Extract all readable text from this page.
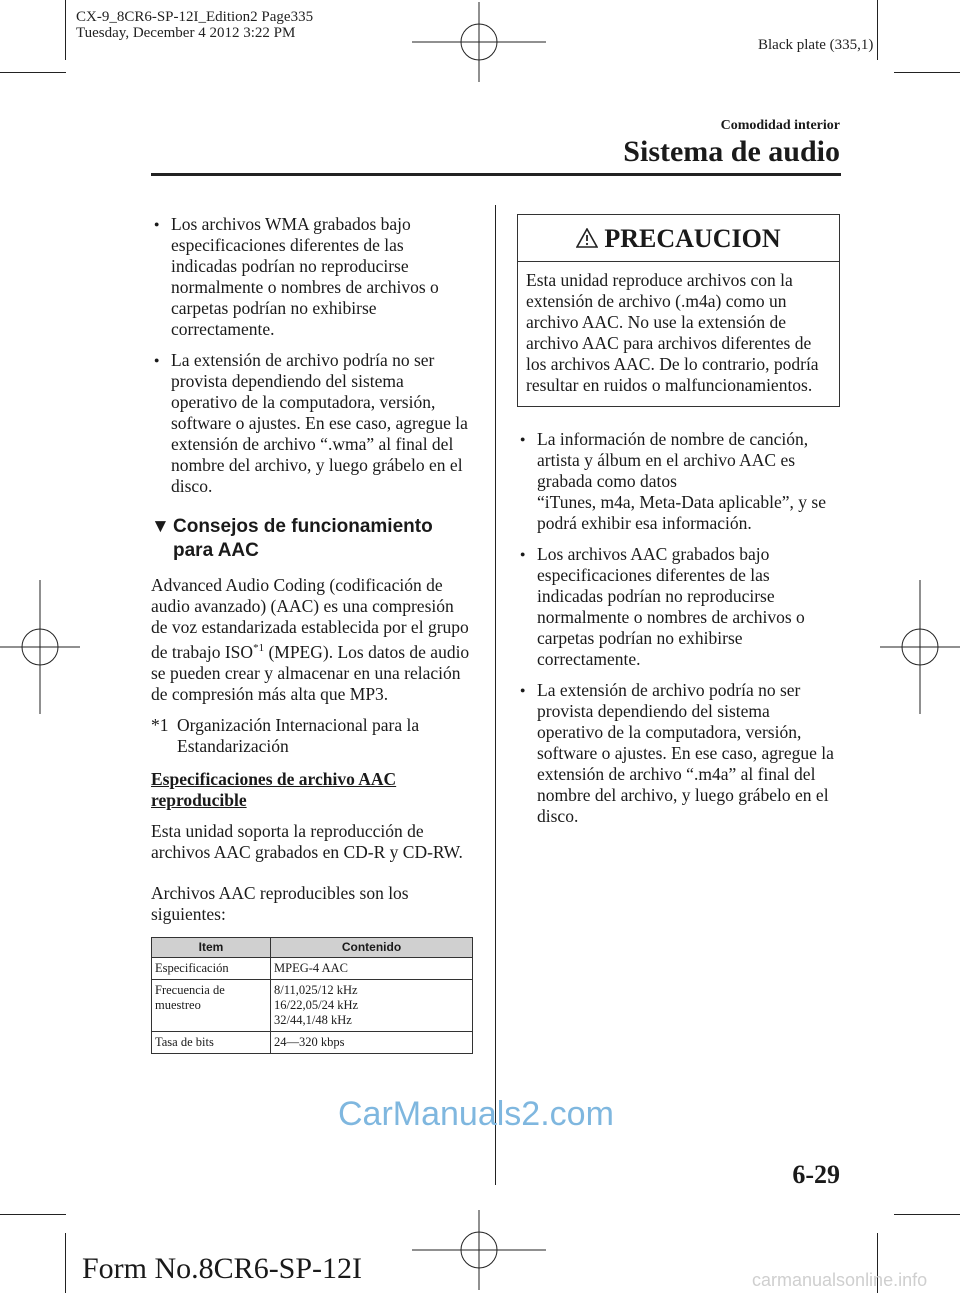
CX-9_8CR6-SP-12I_Edition2 Page335
Tuesday, December 4 2012 3:22 PM
Black plate (335,1)
Comodidad interior
Sistema de audio
● Los archivos WMA grabados bajo especificaciones diferentes de las indicadas podrían no reproducirse normalmente o nombres de archivos o carpetas podrían no exhibirse correctamente.
● La extensión de archivo podría no ser provista dependiendo del sistema operativo de la computadora, versión, software o ajustes. En ese caso, agregue la extensión de archivo “.wma” al final del nombre del archivo, y luego grábelo en el disco.
▼ Consejos de funcionamiento para AAC

Advanced Audio Coding (codificación de audio avanzado) (AAC) es una compresión de voz estandarizada establecida por el grupo de trabajo ISO$^{*1}$ (MPEG). Los datos de audio se pueden crear y almacenar en una relación de compresión más alta que MP3.

*1 Organización Internacional para la Estandarización
Especificaciones de archivo AAC reproducible

Esta unidad soporta la reproducción de archivos AAC grabados en CD-R y CD-RW.

Archivos AAC reproducibles son los siguientes:

Item	Contenido
Especificación	MPEG-4 AAC
Frecuencia de muestreo	8/11,025/12 kHz
16/22,05/24 kHz
32/44,1/48 kHz

Tasa de bits	24—320 kbps
PRECAUCION
Esta unidad reproduce archivos con la extensión de archivo (.m4a) como un archivo AAC. No use la extensión de archivo AAC para archivos diferentes de los archivos AAC. De lo contrario, podría resultar en ruidos o malfuncionamientos.
● La información de nombre de canción, artista y álbum en el archivo AAC es grabada como datos
“iTunes, m4a, Meta-Data aplicable”, y se podrá exhibir esa información.
● Los archivos AAC grabados bajo especificaciones diferentes de las indicadas podrían no reproducirse normalmente o nombres de archivos o carpetas podrían no exhibirse correctamente.
● La extensión de archivo podría no ser provista dependiendo del sistema operativo de la computadora, versión, software o ajustes. En ese caso, agregue la extensión de archivo “.m4a” al final del nombre del archivo, y luego grábelo en el disco.
CarManuals2.com
6-29
Form No.8CR6-SP-12I	carmanualsonline.info
